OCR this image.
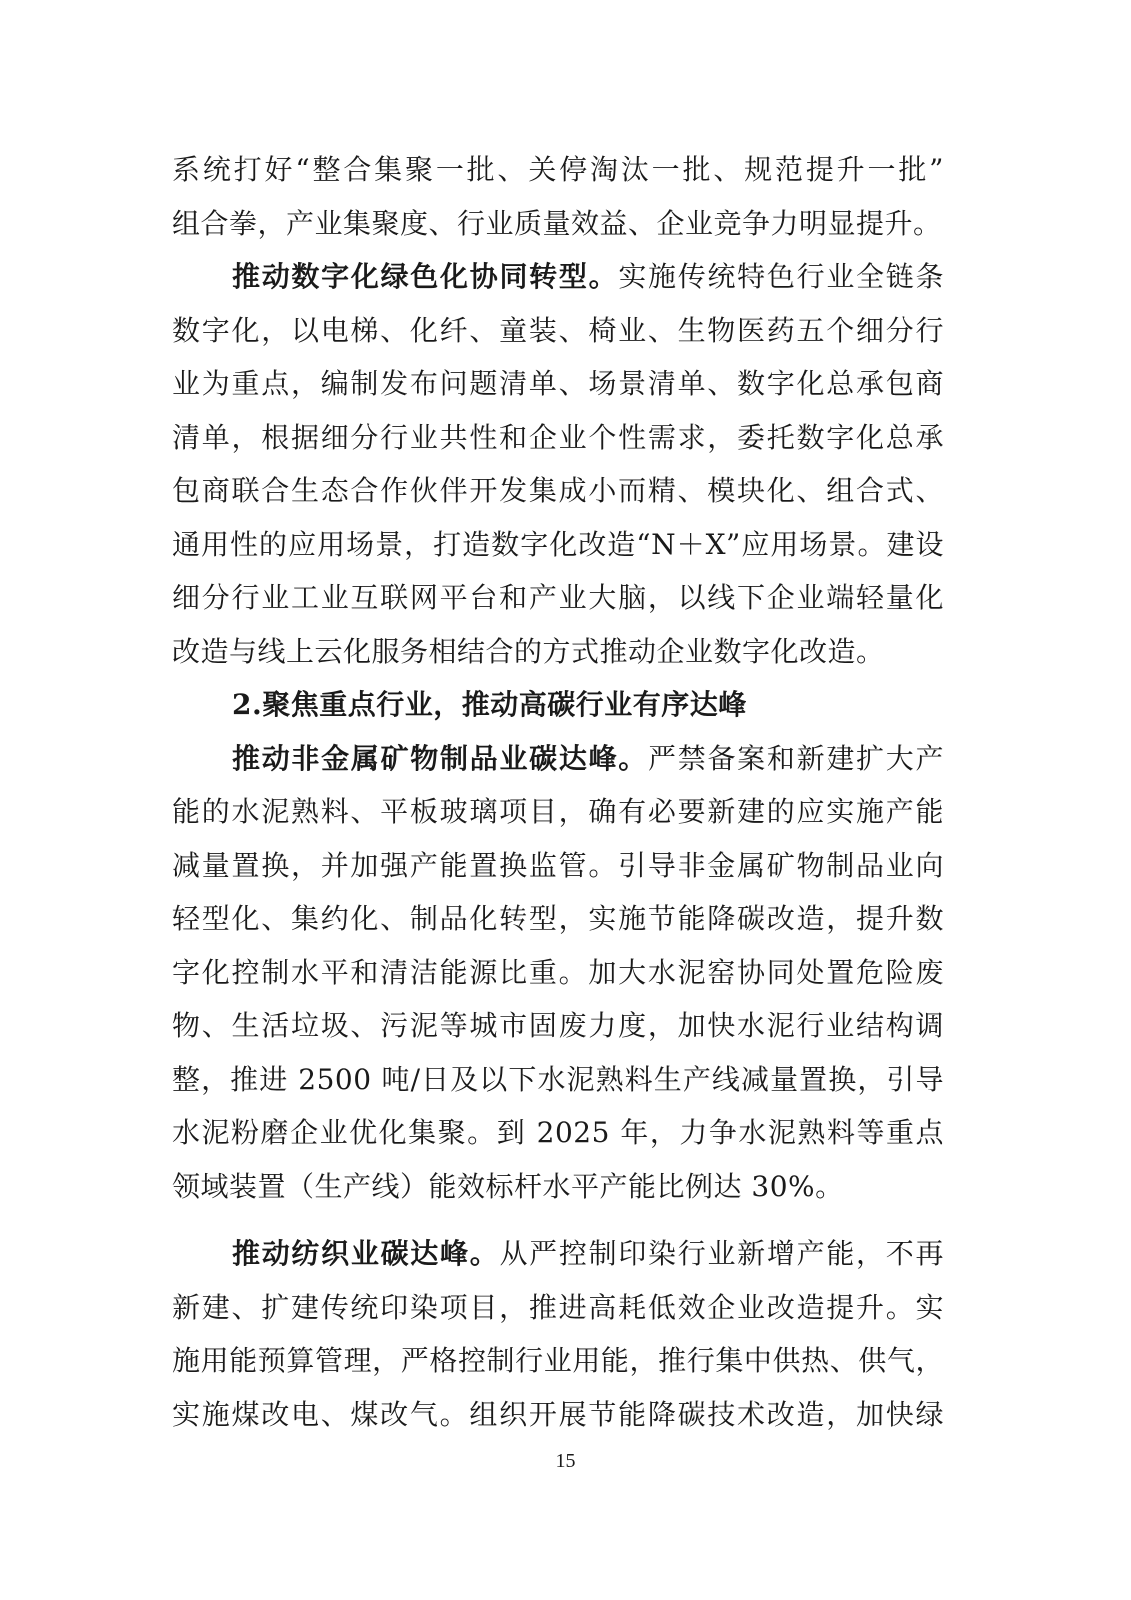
系统打好“整合集聚一批、关停淘汰一批、规范提升一批”
组合拳，产业集聚度、行业质量效益、企业竞争力明显提升。
推动数字化绿色化协同转型。实施传统特色行业全链条
数字化，以电梯、化纤、童装、椅业、生物医药五个细分行
业为重点，编制发布问题清单、场景清单、数字化总承包商
清单，根据细分行业共性和企业个性需求，委托数字化总承
包商联合生态合作伙伴开发集成小而精、模块化、组合式、
通用性的应用场景，打造数字化改造“N＋X”应用场景。建设
细分行业工业互联网平台和产业大脑，以线下企业端轻量化
改造与线上云化服务相结合的方式推动企业数字化改造。
2.聚焦重点行业，推动高碳行业有序达峰
推动非金属矿物制品业碳达峰。严禁备案和新建扩大产
能的水泥熟料、平板玻璃项目，确有必要新建的应实施产能
减量置换，并加强产能置换监管。引导非金属矿物制品业向
轻型化、集约化、制品化转型，实施节能降碳改造，提升数
字化控制水平和清洁能源比重。加大水泥窑协同处置危险废
物、生活垃圾、污泥等城市固废力度，加快水泥行业结构调
整，推进 2500 吨/日及以下水泥熟料生产线减量置换，引导
水泥粉磨企业优化集聚。到 2025 年，力争水泥熟料等重点
领域装置（生产线）能效标杆水平产能比例达 30%。
推动纺织业碳达峰。从严控制印染行业新增产能，不再
新建、扩建传统印染项目，推进高耗低效企业改造提升。实
施用能预算管理，严格控制行业用能，推行集中供热、供气，
实施煤改电、煤改气。组织开展节能降碳技术改造，加快绿
15
